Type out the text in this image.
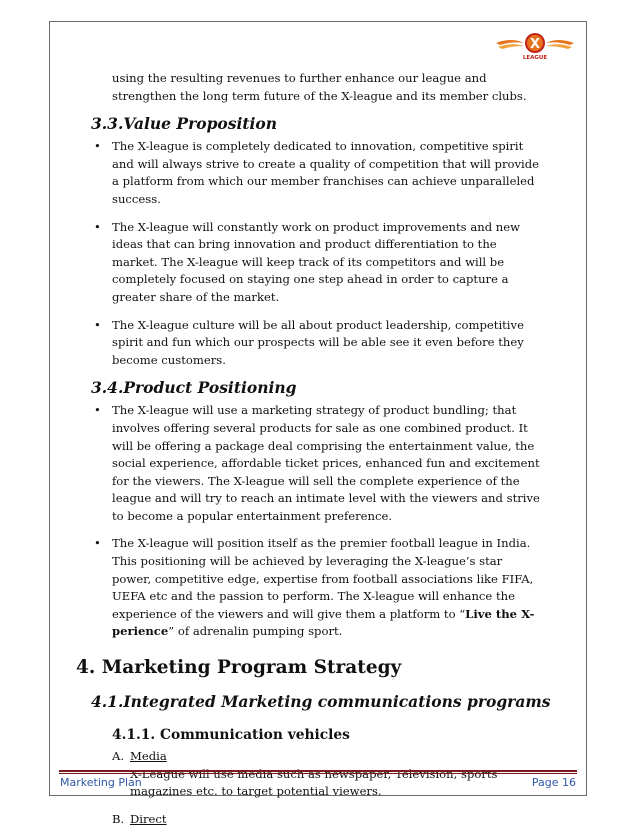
X
LEAGUE

using the resulting revenues to further enhance our league and strengthen the long term future of the X-league and its member clubs.

3.3.Value Proposition
• The X-league is completely dedicated to innovation, competitive spirit and will always strive to create a quality of competition that will provide a platform from which our member franchises can achieve unparalleled success.

• The X-league will constantly work on product improvements and new ideas that can bring innovation and product differentiation to the market. The X-league will keep track of its competitors and will be completely focused on staying one step ahead in order to capture a greater share of the market.

• The X-league culture will be all about product leadership, competitive spirit and fun which our prospects will be able see it even before they become customers.

3.4.Product Positioning
• The X-league will use a marketing strategy of product bundling; that involves offering several products for sale as one combined product. It will be offering a package deal comprising the entertainment value, the social experience, affordable ticket prices, enhanced fun and excitement for the viewers. The X-league will sell the complete experience of the league and will try to reach an intimate level with the viewers and strive to become a popular entertainment preference.

• The X-league will position itself as the premier football league in India. This positioning will be achieved by leveraging the X-league’s star power, competitive edge, expertise from football associations like FIFA, UEFA etc and the passion to perform. The X-league will enhance the experience of the viewers and will give them a platform to “Live the X-perience” of adrenalin pumping sport.

4. Marketing Program Strategy
4.1.Integrated Marketing communications programs
4.1.1. Communication vehicles
A. Media

magazines etc. to target potential viewers.

B. Direct

Marketing Plan	Page 16
